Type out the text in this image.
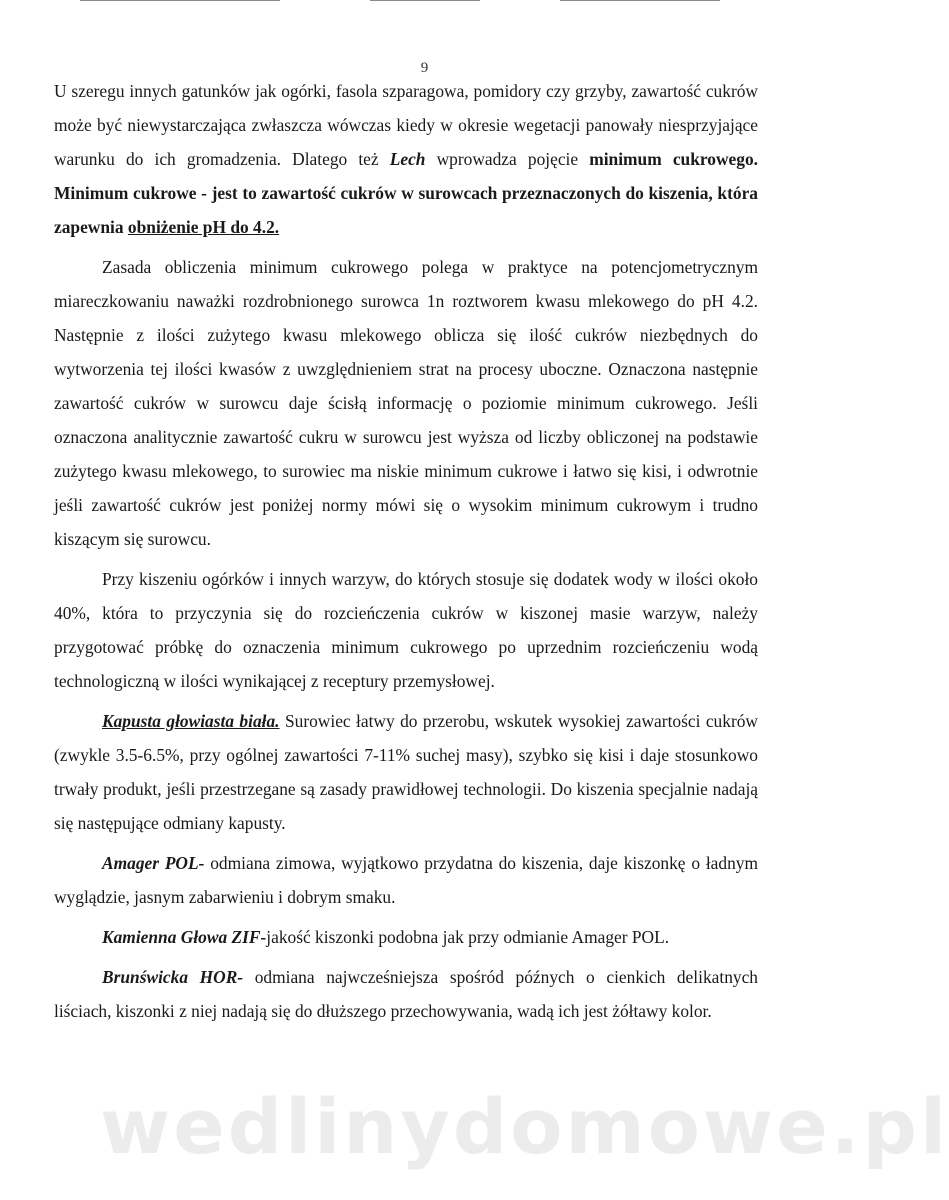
9

U szeregu innych gatunków jak ogórki, fasola szparagowa, pomidory czy grzyby, zawartość cukrów może być niewystarczająca zwłaszcza wówczas kiedy w okresie wegetacji panowały niesprzyjające warunku do ich gromadzenia. Dlatego też Lech wprowadza pojęcie minimum cukrowego. Minimum cukrowe - jest to zawartość cukrów w surowcach przeznaczonych do kiszenia, która zapewnia obniżenie pH do 4.2.

Zasada obliczenia minimum cukrowego polega w praktyce na potencjometrycznym miareczkowaniu naważki rozdrobnionego surowca 1n roztworem kwasu mlekowego do pH 4.2. Następnie z ilości zużytego kwasu mlekowego oblicza się ilość cukrów niezbędnych do wytworzenia tej ilości kwasów z uwzględnieniem strat na procesy uboczne. Oznaczona następnie zawartość cukrów w surowcu daje ścisłą informację o poziomie minimum cukrowego. Jeśli oznaczona analitycznie zawartość cukru w surowcu jest wyższa od liczby obliczonej na podstawie zużytego kwasu mlekowego, to surowiec ma niskie minimum cukrowe i łatwo się kisi, i odwrotnie jeśli zawartość cukrów jest poniżej normy mówi się o wysokim minimum cukrowym i trudno kiszącym się surowcu.

Przy kiszeniu ogórków i innych warzyw, do których stosuje się dodatek wody w ilości około 40%, która to przyczynia się do rozcieńczenia cukrów w kiszonej masie warzyw, należy przygotować próbkę do oznaczenia minimum cukrowego po uprzednim rozcieńczeniu wodą technologiczną w ilości wynikającej z receptury przemysłowej.

Kapusta głowiasta biała. Surowiec łatwy do przerobu, wskutek wysokiej zawartości cukrów (zwykle 3.5-6.5%, przy ogólnej zawartości 7-11% suchej masy), szybko się kisi i daje stosunkowo trwały produkt, jeśli przestrzegane są zasady prawidłowej technologii. Do kiszenia specjalnie nadają się następujące odmiany kapusty.

Amager POL- odmiana zimowa, wyjątkowo przydatna do kiszenia, daje kiszonkę o ładnym wyglądzie, jasnym zabarwieniu i dobrym smaku.

Kamienna Głowa ZIF-jakość kiszonki podobna jak przy odmianie Amager POL.

Brunświcka HOR- odmiana najwcześniejsza spośród późnych o cienkich delikatnych liściach, kiszonki z niej nadają się do dłuższego przechowywania, wadą ich jest żółtawy kolor.

wedlinydomowe.pl
